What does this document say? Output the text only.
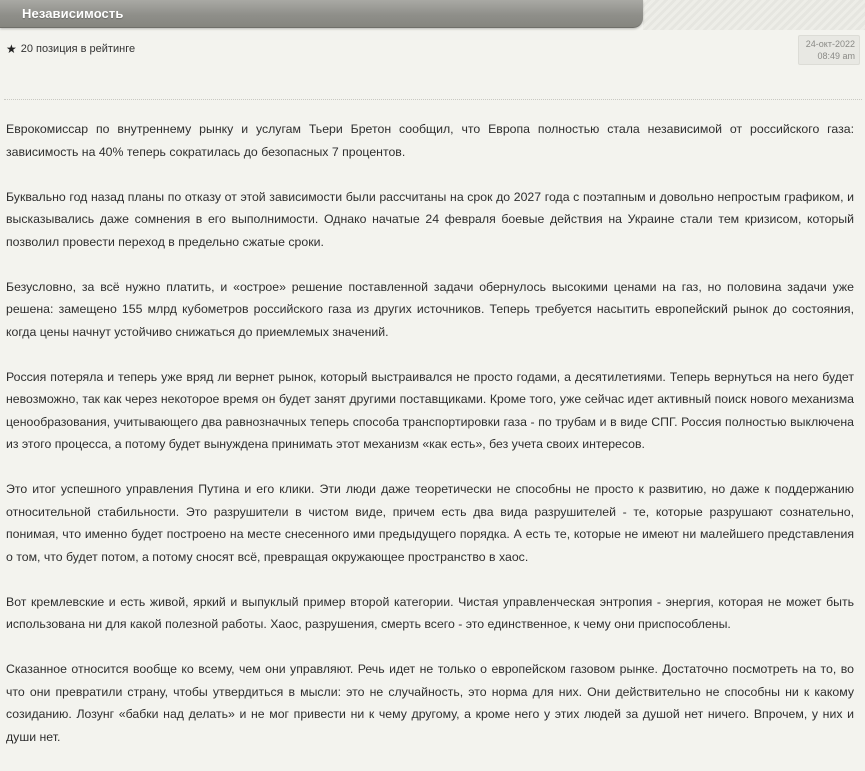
Независимость
★ 20 позиция в рейтинге	24-окт-2022
08:49 am

Еврокомиссар по внутреннему рынку и услугам Тьери Бретон сообщил, что Европа полностью стала независимой от российского газа: зависимость на 40% теперь сократилась до безопасных 7 процентов.

Буквально год назад планы по отказу от этой зависимости были рассчитаны на срок до 2027 года с поэтапным и довольно непростым графиком, и высказывались даже сомнения в его выполнимости. Однако начатые 24 февраля боевые действия на Украине стали тем кризисом, который позволил провести переход в предельно сжатые сроки.

Безусловно, за всё нужно платить, и «острое» решение поставленной задачи обернулось высокими ценами на газ, но половина задачи уже решена: замещено 155 млрд кубометров российского газа из других источников. Теперь требуется насытить европейский рынок до состояния, когда цены начнут устойчиво снижаться до приемлемых значений.

Россия потеряла и теперь уже вряд ли вернет рынок, который выстраивался не просто годами, а десятилетиями. Теперь вернуться на него будет невозможно, так как через некоторое время он будет занят другими поставщиками. Кроме того, уже сейчас идет активный поиск нового механизма ценообразования, учитывающего два равнозначных теперь способа транспортировки газа - по трубам и в виде СПГ. Россия полностью выключена из этого процесса, а потому будет вынуждена принимать этот механизм «как есть», без учета своих интересов.

Это итог успешного управления Путина и его клики. Эти люди даже теоретически не способны не просто к развитию, но даже к поддержанию относительной стабильности. Это разрушители в чистом виде, причем есть два вида разрушителей - те, которые разрушают сознательно, понимая, что именно будет построено на месте снесенного ими предыдущего порядка. А есть те, которые не имеют ни малейшего представления о том, что будет потом, а потому сносят всё, превращая окружающее пространство в хаос.

Вот кремлевские и есть живой, яркий и выпуклый пример второй категории. Чистая управленческая энтропия - энергия, которая не может быть использована ни для какой полезной работы. Хаос, разрушения, смерть всего - это единственное, к чему они приспособлены.

Сказанное относится вообще ко всему, чем они управляют. Речь идет не только о европейском газовом рынке. Достаточно посмотреть на то, во что они превратили страну, чтобы утвердиться в мысли: это не случайность, это норма для них. Они действительно не способны ни к какому созиданию. Лозунг «бабки над делать» и не мог привести ни к чему другому, а кроме него у этих людей за душой нет ничего. Впрочем, у них и души нет.
